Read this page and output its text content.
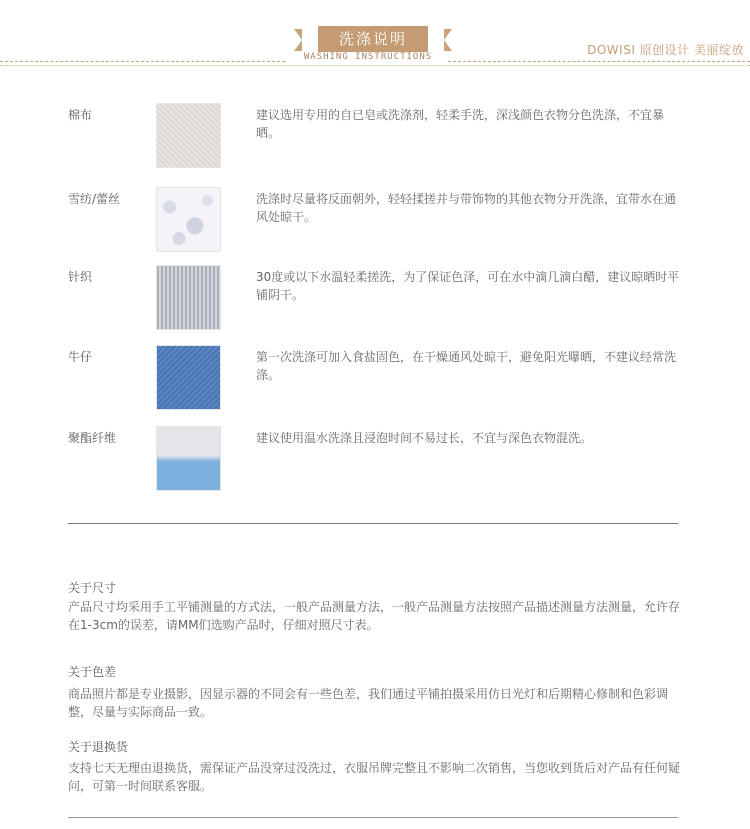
洗涤说明
WASHING INSTRUCTIONS	DOWISI 原创设计 美丽绽放
棉布	建议选用专用的自已皂或洗涤剂，轻柔手洗，深浅颜色衣物分色洗涤，不宜暴晒。
雪纺/蕾丝	洗涤时尽量将反面朝外，轻轻揉搓并与带饰物的其他衣物分开洗涤，宜带水在通风处晾干。
针织	30度或以下水温轻柔搓洗，为了保证色泽，可在水中滴几滴白醋，建议晾晒时平铺阴干。
牛仔	第一次洗涤可加入食盐固色，在干燥通风处晾干，避免阳光曝晒，不建议经常洗涤。
聚酯纤维	建议使用温水洗涤且浸泡时间不易过长，不宜与深色衣物混洗。
关于尺寸
产品尺寸均采用手工平铺测量的方式法，一般产品测量方法，一般产品测量方法按照产品描述测量方法测量，允许存在1-3cm的误差，请MM们选购产品时，仔细对照尺寸表。
关于色差
商品照片都是专业摄影，因显示器的不同会有一些色差，我们通过平铺拍摄采用仿日光灯和后期精心修制和色彩调整，尽量与实际商品一致。
关于退换货
支持七天无理由退换货，需保证产品没穿过没洗过，衣服吊牌完整且不影响二次销售，当您收到货后对产品有任何疑问，可第一时间联系客服。
